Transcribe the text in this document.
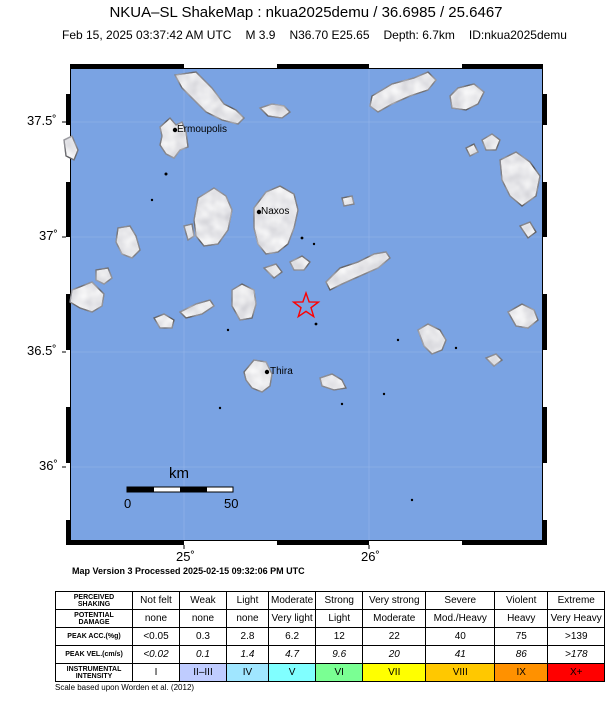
NKUA–SL ShakeMap : nkua2025demu / 36.6985 / 25.6467
Feb 15, 2025 03:37:42 AM UTC M 3.9 N36.70 E25.65 Depth: 6.7km ID:nkua2025demu
Ermoupolis
Naxos
Thira
37.5˚
37˚
36.5˚
36˚
25˚	26˚
km
0	50
Map Version 3 Processed 2025-02-15 09:32:06 PM UTC
PERCEIVED SHAKING	Not felt	Weak	Light	Moderate	Strong	Very strong	Severe	Violent	Extreme
POTENTIAL DAMAGE	none	none	none	Very light	Light	Moderate	Mod./Heavy	Heavy	Very Heavy
PEAK ACC.(%g)	<0.05	0.3	2.8	6.2	12	22	40	75	>139
PEAK VEL.(cm/s)	<0.02	0.1	1.4	4.7	9.6	20	41	86	>178
INSTRUMENTAL INTENSITY	I	II–III	IV	V	VI	VII	VIII	IX	X+
Scale based upon Worden et al. (2012)
